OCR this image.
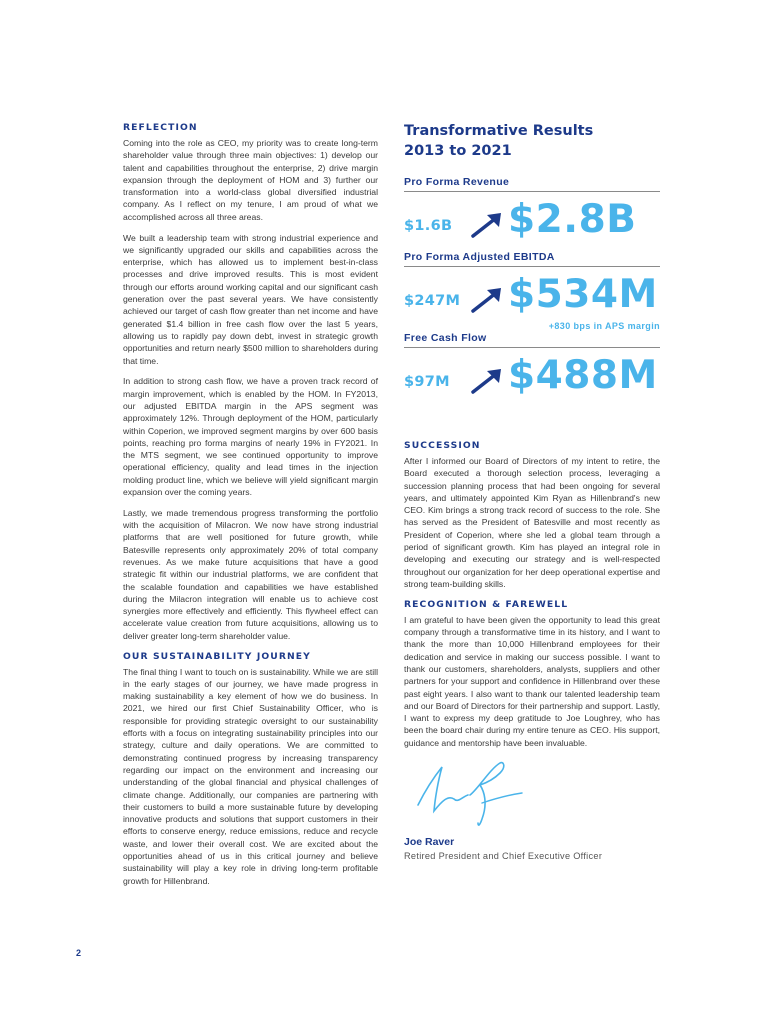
REFLECTION

Coming into the role as CEO, my priority was to create long-term shareholder value through three main objectives: 1) develop our talent and capabilities throughout the enterprise, 2) drive margin expansion through the deployment of HOM and 3) further our transformation into a world-class global diversified industrial company. As I reflect on my tenure, I am proud of what we accomplished across all three areas.

We built a leadership team with strong industrial experience and we significantly upgraded our skills and capabilities across the enterprise, which has allowed us to implement best-in-class processes and drive improved results. This is most evident through our efforts around working capital and our significant cash generation over the past several years. We have consistently achieved our target of cash flow greater than net income and have generated $1.4 billion in free cash flow over the last 5 years, allowing us to rapidly pay down debt, invest in strategic growth opportunities and return nearly $500 million to shareholders during that time.

In addition to strong cash flow, we have a proven track record of margin improvement, which is enabled by the HOM. In FY2013, our adjusted EBITDA margin in the APS segment was approximately 12%. Through deployment of the HOM, particularly within Coperion, we improved segment margins by over 600 basis points, reaching pro forma margins of nearly 19% in FY2021. In the MTS segment, we see continued opportunity to improve operational efficiency, quality and lead times in the injection molding product line, which we believe will yield significant margin expansion over the coming years.

Lastly, we made tremendous progress transforming the portfolio with the acquisition of Milacron. We now have strong industrial platforms that are well positioned for future growth, while Batesville represents only approximately 20% of total company revenues. As we make future acquisitions that have a good strategic fit within our industrial platforms, we are confident that the scalable foundation and capabilities we have established during the Milacron integration will enable us to achieve cost synergies more effectively and efficiently. This flywheel effect can accelerate value creation from future acquisitions, allowing us to deliver greater long-term shareholder value.

OUR SUSTAINABILITY JOURNEY

The final thing I want to touch on is sustainability. While we are still in the early stages of our journey, we have made progress in making sustainability a key element of how we do business. In 2021, we hired our first Chief Sustainability Officer, who is responsible for providing strategic oversight to our sustainability efforts with a focus on integrating sustainability principles into our strategy, culture and daily operations. We are committed to demonstrating continued progress by increasing transparency regarding our impact on the environment and increasing our understanding of the global financial and physical challenges of climate change. Additionally, our companies are partnering with their customers to build a more sustainable future by developing innovative products and solutions that support customers in their efforts to conserve energy, reduce emissions, reduce and recycle waste, and lower their overall cost. We are excited about the opportunities ahead of us in this critical journey and believe sustainability will play a key role in driving long-term profitable growth for Hillenbrand.

Transformative Results
2013 to 2021
Pro Forma Revenue
$1.6B $2.8B
Pro Forma Adjusted EBITDA
$247M $534M
+830 bps in APS margin
Free Cash Flow
$97M $488M
SUCCESSION

After I informed our Board of Directors of my intent to retire, the Board executed a thorough selection process, leveraging a succession planning process that had been ongoing for several years, and ultimately appointed Kim Ryan as Hillenbrand's new CEO. Kim brings a strong track record of success to the role. She has served as the President of Batesville and most recently as President of Coperion, where she led a global team through a period of significant growth. Kim has played an integral role in developing and executing our strategy and is well-respected throughout our organization for her deep operational expertise and strong team-building skills.

RECOGNITION & FAREWELL

I am grateful to have been given the opportunity to lead this great company through a transformative time in its history, and I want to thank the more than 10,000 Hillenbrand employees for their dedication and service in making our success possible. I want to thank our customers, shareholders, analysts, suppliers and other partners for your support and confidence in Hillenbrand over these past eight years. I also want to thank our talented leadership team and our Board of Directors for their partnership and support. Lastly, I want to express my deep gratitude to Joe Loughrey, who has been the board chair during my entire tenure as CEO. His support, guidance and mentorship have been invaluable.

Joe Raver

Retired President and Chief Executive Officer

2
